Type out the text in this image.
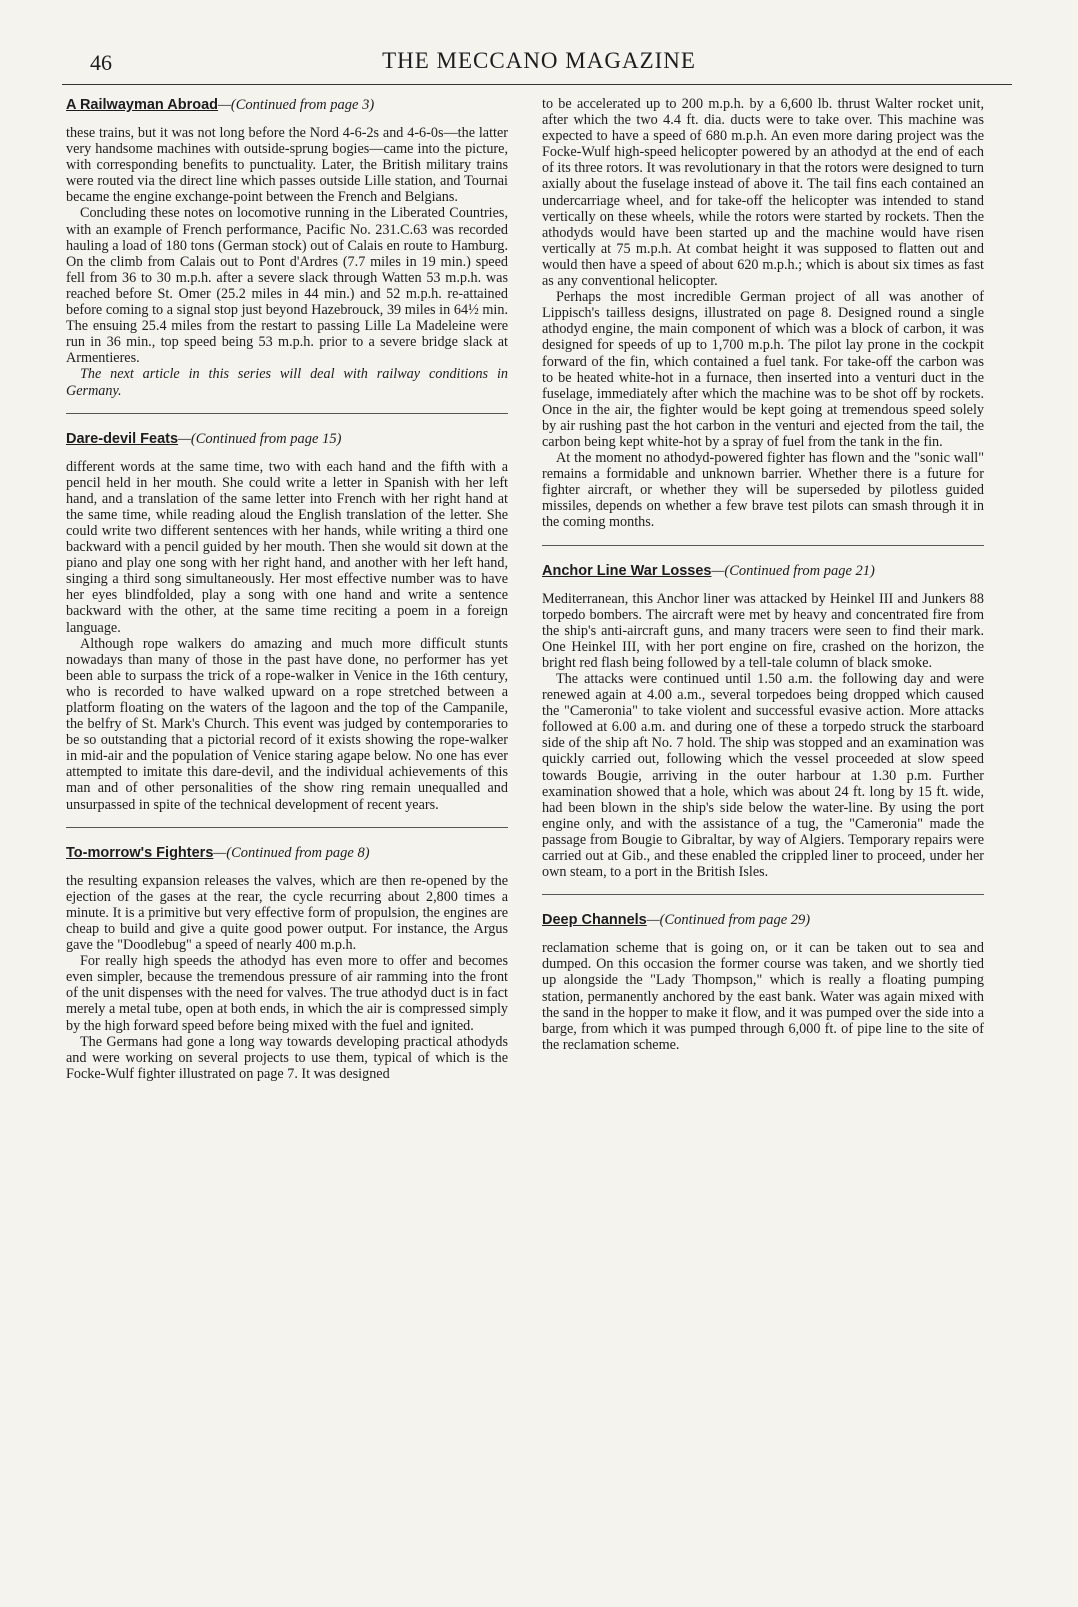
46	THE MECCANO MAGAZINE
A Railwayman Abroad—(Continued from page 3)

these trains, but it was not long before the Nord 4-6-2s and 4-6-0s—the latter very handsome machines with outside-sprung bogies—came into the picture, with corresponding benefits to punctuality. Later, the British military trains were routed via the direct line which passes outside Lille station, and Tournai became the engine exchange-point between the French and Belgians.

Concluding these notes on locomotive running in the Liberated Countries, with an example of French performance, Pacific No. 231.C.63 was recorded hauling a load of 180 tons (German stock) out of Calais en route to Hamburg. On the climb from Calais out to Pont d'Ardres (7.7 miles in 19 min.) speed fell from 36 to 30 m.p.h. after a severe slack through Watten 53 m.p.h. was reached before St. Omer (25.2 miles in 44 min.) and 52 m.p.h. re-attained before coming to a signal stop just beyond Hazebrouck, 39 miles in 64½ min. The ensuing 25.4 miles from the restart to passing Lille La Madeleine were run in 36 min., top speed being 53 m.p.h. prior to a severe bridge slack at Armentieres.

The next article in this series will deal with railway conditions in Germany.

Dare-devil Feats—(Continued from page 15)

different words at the same time, two with each hand and the fifth with a pencil held in her mouth. She could write a letter in Spanish with her left hand, and a translation of the same letter into French with her right hand at the same time, while reading aloud the English translation of the letter. She could write two different sentences with her hands, while writing a third one backward with a pencil guided by her mouth. Then she would sit down at the piano and play one song with her right hand, and another with her left hand, singing a third song simultaneously. Her most effective number was to have her eyes blindfolded, play a song with one hand and write a sentence backward with the other, at the same time reciting a poem in a foreign language.

Although rope walkers do amazing and much more difficult stunts nowadays than many of those in the past have done, no performer has yet been able to surpass the trick of a rope-walker in Venice in the 16th century, who is recorded to have walked upward on a rope stretched between a platform floating on the waters of the lagoon and the top of the Campanile, the belfry of St. Mark's Church. This event was judged by contemporaries to be so outstanding that a pictorial record of it exists showing the rope-walker in mid-air and the population of Venice staring agape below. No one has ever attempted to imitate this dare-devil, and the individual achievements of this man and of other personalities of the show ring remain unequalled and unsurpassed in spite of the technical development of recent years.

To-morrow's Fighters—(Continued from page 8)

the resulting expansion releases the valves, which are then re-opened by the ejection of the gases at the rear, the cycle recurring about 2,800 times a minute. It is a primitive but very effective form of propulsion, the engines are cheap to build and give a quite good power output. For instance, the Argus gave the "Doodlebug" a speed of nearly 400 m.p.h.

For really high speeds the athodyd has even more to offer and becomes even simpler, because the tremendous pressure of air ramming into the front of the unit dispenses with the need for valves. The true athodyd duct is in fact merely a metal tube, open at both ends, in which the air is compressed simply by the high forward speed before being mixed with the fuel and ignited.

The Germans had gone a long way towards developing practical athodyds and were working on several projects to use them, typical of which is the Focke-Wulf fighter illustrated on page 7. It was designed

to be accelerated up to 200 m.p.h. by a 6,600 lb. thrust Walter rocket unit, after which the two 4.4 ft. dia. ducts were to take over. This machine was expected to have a speed of 680 m.p.h. An even more daring project was the Focke-Wulf high-speed helicopter powered by an athodyd at the end of each of its three rotors. It was revolutionary in that the rotors were designed to turn axially about the fuselage instead of above it. The tail fins each contained an undercarriage wheel, and for take-off the helicopter was intended to stand vertically on these wheels, while the rotors were started by rockets. Then the athodyds would have been started up and the machine would have risen vertically at 75 m.p.h. At combat height it was supposed to flatten out and would then have a speed of about 620 m.p.h.; which is about six times as fast as any conventional helicopter.

Perhaps the most incredible German project of all was another of Lippisch's tailless designs, illustrated on page 8. Designed round a single athodyd engine, the main component of which was a block of carbon, it was designed for speeds of up to 1,700 m.p.h. The pilot lay prone in the cockpit forward of the fin, which contained a fuel tank. For take-off the carbon was to be heated white-hot in a furnace, then inserted into a venturi duct in the fuselage, immediately after which the machine was to be shot off by rockets. Once in the air, the fighter would be kept going at tremendous speed solely by air rushing past the hot carbon in the venturi and ejected from the tail, the carbon being kept white-hot by a spray of fuel from the tank in the fin.

At the moment no athodyd-powered fighter has flown and the "sonic wall" remains a formidable and unknown barrier. Whether there is a future for fighter aircraft, or whether they will be superseded by pilotless guided missiles, depends on whether a few brave test pilots can smash through it in the coming months.

Anchor Line War Losses—(Continued from page 21)

Mediterranean, this Anchor liner was attacked by Heinkel III and Junkers 88 torpedo bombers. The aircraft were met by heavy and concentrated fire from the ship's anti-aircraft guns, and many tracers were seen to find their mark. One Heinkel III, with her port engine on fire, crashed on the horizon, the bright red flash being followed by a tell-tale column of black smoke.

The attacks were continued until 1.50 a.m. the following day and were renewed again at 4.00 a.m., several torpedoes being dropped which caused the "Cameronia" to take violent and successful evasive action. More attacks followed at 6.00 a.m. and during one of these a torpedo struck the starboard side of the ship aft No. 7 hold. The ship was stopped and an examination was quickly carried out, following which the vessel proceeded at slow speed towards Bougie, arriving in the outer harbour at 1.30 p.m. Further examination showed that a hole, which was about 24 ft. long by 15 ft. wide, had been blown in the ship's side below the water-line. By using the port engine only, and with the assistance of a tug, the "Cameronia" made the passage from Bougie to Gibraltar, by way of Algiers. Temporary repairs were carried out at Gib., and these enabled the crippled liner to proceed, under her own steam, to a port in the British Isles.

Deep Channels—(Continued from page 29)

reclamation scheme that is going on, or it can be taken out to sea and dumped. On this occasion the former course was taken, and we shortly tied up alongside the "Lady Thompson," which is really a floating pumping station, permanently anchored by the east bank. Water was again mixed with the sand in the hopper to make it flow, and it was pumped over the side into a barge, from which it was pumped through 6,000 ft. of pipe line to the site of the reclamation scheme.
